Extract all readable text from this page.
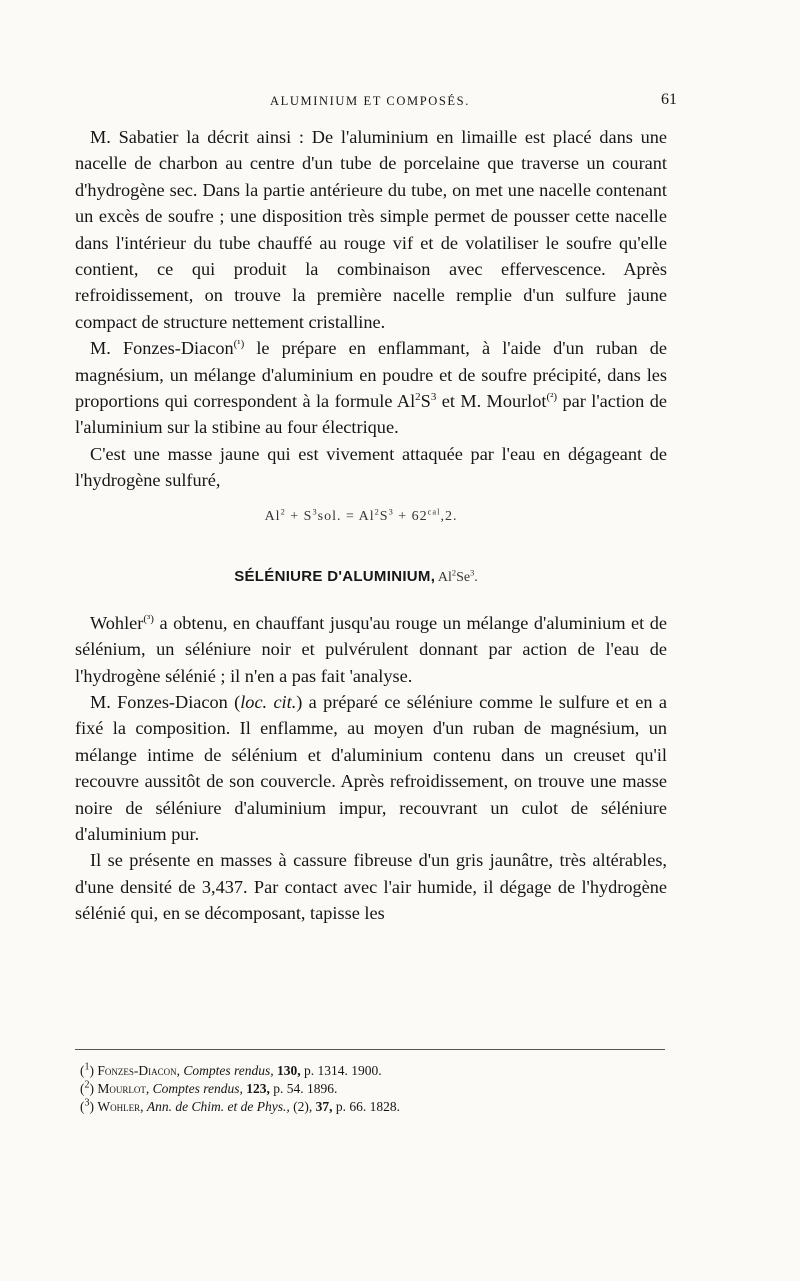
ALUMINIUM ET COMPOSÉS.	61

M. Sabatier la décrit ainsi : De l'aluminium en limaille est placé dans une nacelle de charbon au centre d'un tube de porcelaine que traverse un courant d'hydrogène sec. Dans la partie antérieure du tube, on met une nacelle contenant un excès de soufre ; une disposition très simple permet de pousser cette nacelle dans l'intérieur du tube chauffé au rouge vif et de volatiliser le soufre qu'elle contient, ce qui produit la combinaison avec effervescence. Après refroidissement, on trouve la première nacelle remplie d'un sulfure jaune compact de structure nettement cristalline.

M. Fonzes-Diacon$^{(^1)}$ le prépare en enflammant, à l'aide d'un ruban de magnésium, un mélange d'aluminium en poudre et de soufre précipité, dans les proportions qui correspondent à la formule $Al^2S^3$ et M. Mourlot$^{(^2)}$ par l'action de l'aluminium sur la stibine au four électrique.

C'est une masse jaune qui est vivement attaquée par l'eau en dégageant de l'hydrogène sulfuré,

$Al^2 + S^3sol$. = $Al^2S^3 + 62^{cal},2$.
SÉLÉNIURE D'ALUMINIUM, Al$^2$Se$^3$.

Wohler$^{(^3)}$ a obtenu, en chauffant jusqu'au rouge un mélange d'aluminium et de sélénium, un séléniure noir et pulvérulent donnant par action de l'eau de l'hydrogène sélénié ; il n'en a pas fait 'analyse.

M. Fonzes-Diacon (loc. cit.) a préparé ce séléniure comme le sulfure et en a fixé la composition. Il enflamme, au moyen d'un ruban de magnésium, un mélange intime de sélénium et d'aluminium contenu dans un creuset qu'il recouvre aussitôt de son couvercle. Après refroidissement, on trouve une masse noire de séléniure d'aluminium impur, recouvrant un culot de séléniure d'aluminium pur.

Il se présente en masses à cassure fibreuse d'un gris jaunâtre, très altérables, d'une densité de 3,437. Par contact avec l'air humide, il dégage de l'hydrogène sélénié qui, en se décomposant, tapisse les

($^1$) Fonzes-Diacon, Comptes rendus, 130, p. 1314. 1900.
($^2$) Mourlot, Comptes rendus, 123, p. 54. 1896.
($^3$) Wohler, Ann. de Chim. et de Phys., (2), 37, p. 66. 1828.
